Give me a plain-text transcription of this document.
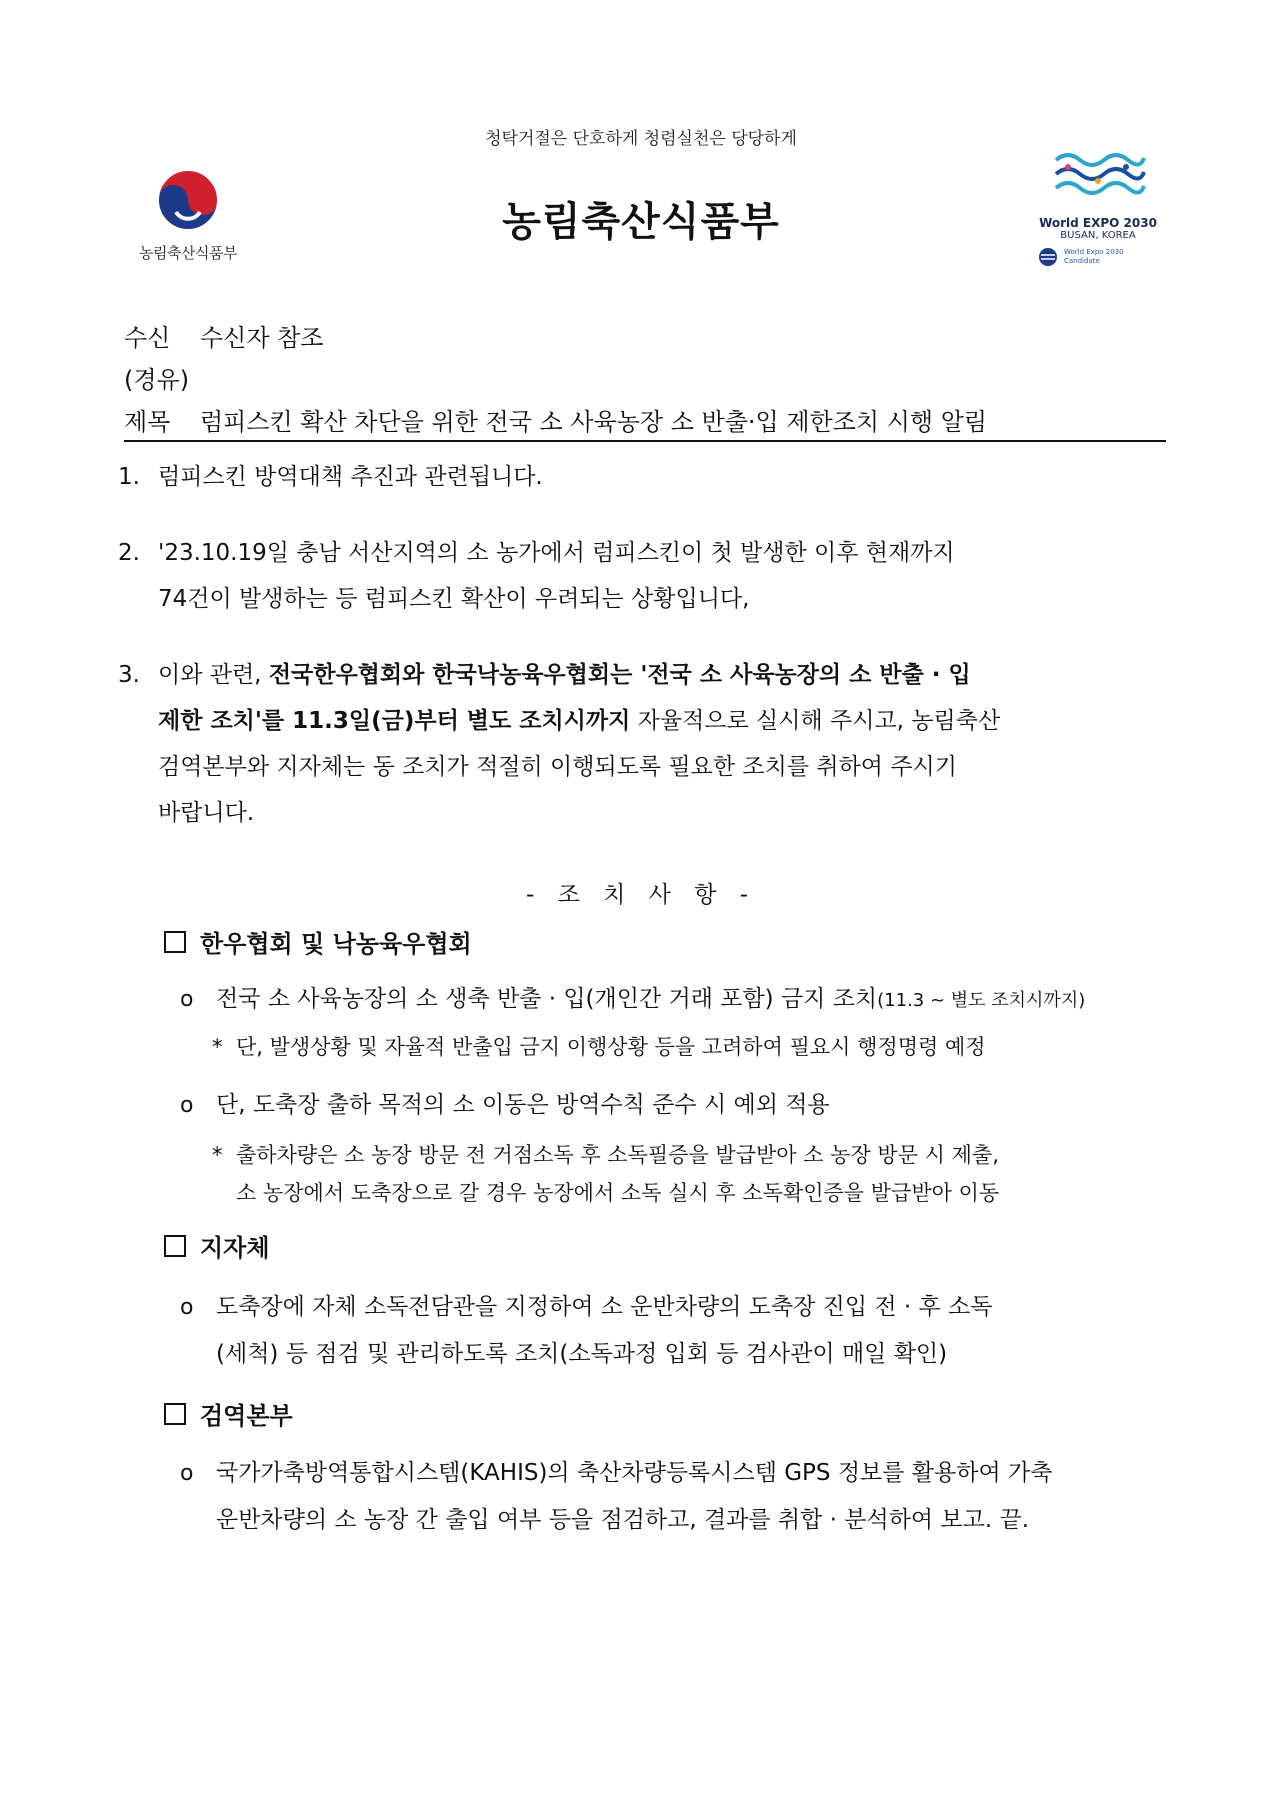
청탁거절은 단호하게 청렴실천은 당당하게
농림축산식품부
농림축산식품부	World EXPO 2030
BUSAN, KOREA
World Expo 2030
Candidate
수신 수신자 참조
(경유)
제목 럼피스킨 확산 차단을 위한 전국 소 사육농장 소 반출·입 제한조치 시행 알림
1. 럼피스킨 방역대책 추진과 관련됩니다.
2. '23.10.19일 충남 서산지역의 소 농가에서 럼피스킨이 첫 발생한 이후 현재까지
74건이 발생하는 등 럼피스킨 확산이 우려되는 상황입니다,
3. 이와 관련, 전국한우협회와 한국낙농육우협회는 '전국 소 사육농장의 소 반출 · 입
제한 조치'를 11.3일(금)부터 별도 조치시까지 자율적으로 실시해 주시고, 농림축산
검역본부와 지자체는 동 조치가 적절히 이행되도록 필요한 조치를 취하여 주시기
바랍니다.
- 조 치 사 항 -
한우협회 및 낙농육우협회
o 전국 소 사육농장의 소 생축 반출 · 입(개인간 거래 포함) 금지 조치(11.3 ~ 별도 조치시까지)
* 단, 발생상황 및 자율적 반출입 금지 이행상황 등을 고려하여 필요시 행정명령 예정
o 단, 도축장 출하 목적의 소 이동은 방역수칙 준수 시 예외 적용
* 출하차량은 소 농장 방문 전 거점소독 후 소독필증을 발급받아 소 농장 방문 시 제출,
소 농장에서 도축장으로 갈 경우 농장에서 소독 실시 후 소독확인증을 발급받아 이동
지자체
o 도축장에 자체 소독전담관을 지정하여 소 운반차량의 도축장 진입 전 · 후 소독
(세척) 등 점검 및 관리하도록 조치(소독과정 입회 등 검사관이 매일 확인)
검역본부
o 국가가축방역통합시스템(KAHIS)의 축산차량등록시스템 GPS 정보를 활용하여 가축
운반차량의 소 농장 간 출입 여부 등을 점검하고, 결과를 취합 · 분석하여 보고. 끝.
